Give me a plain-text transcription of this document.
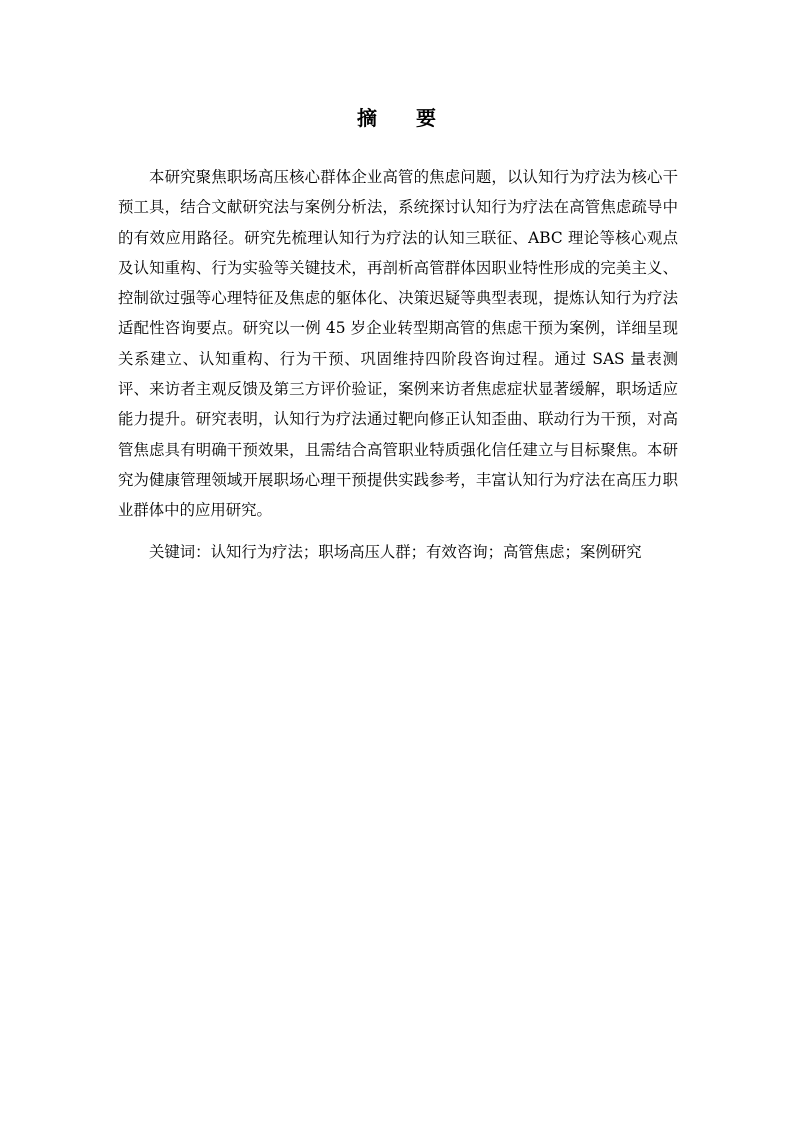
摘 要

本研究聚焦职场高压核心群体企业高管的焦虑问题，以认知行为疗法为核心干预工具，结合文献研究法与案例分析法，系统探讨认知行为疗法在高管焦虑疏导中的有效应用路径。研究先梳理认知行为疗法的认知三联征、ABC 理论等核心观点及认知重构、行为实验等关键技术，再剖析高管群体因职业特性形成的完美主义、控制欲过强等心理特征及焦虑的躯体化、决策迟疑等典型表现，提炼认知行为疗法适配性咨询要点。研究以一例 45 岁企业转型期高管的焦虑干预为案例，详细呈现关系建立、认知重构、行为干预、巩固维持四阶段咨询过程。通过 SAS 量表测评、来访者主观反馈及第三方评价验证，案例来访者焦虑症状显著缓解，职场适应能力提升。研究表明，认知行为疗法通过靶向修正认知歪曲、联动行为干预，对高管焦虑具有明确干预效果，且需结合高管职业特质强化信任建立与目标聚焦。本研究为健康管理领域开展职场心理干预提供实践参考，丰富认知行为疗法在高压力职业群体中的应用研究。

关键词：认知行为疗法；职场高压人群；有效咨询；高管焦虑；案例研究
